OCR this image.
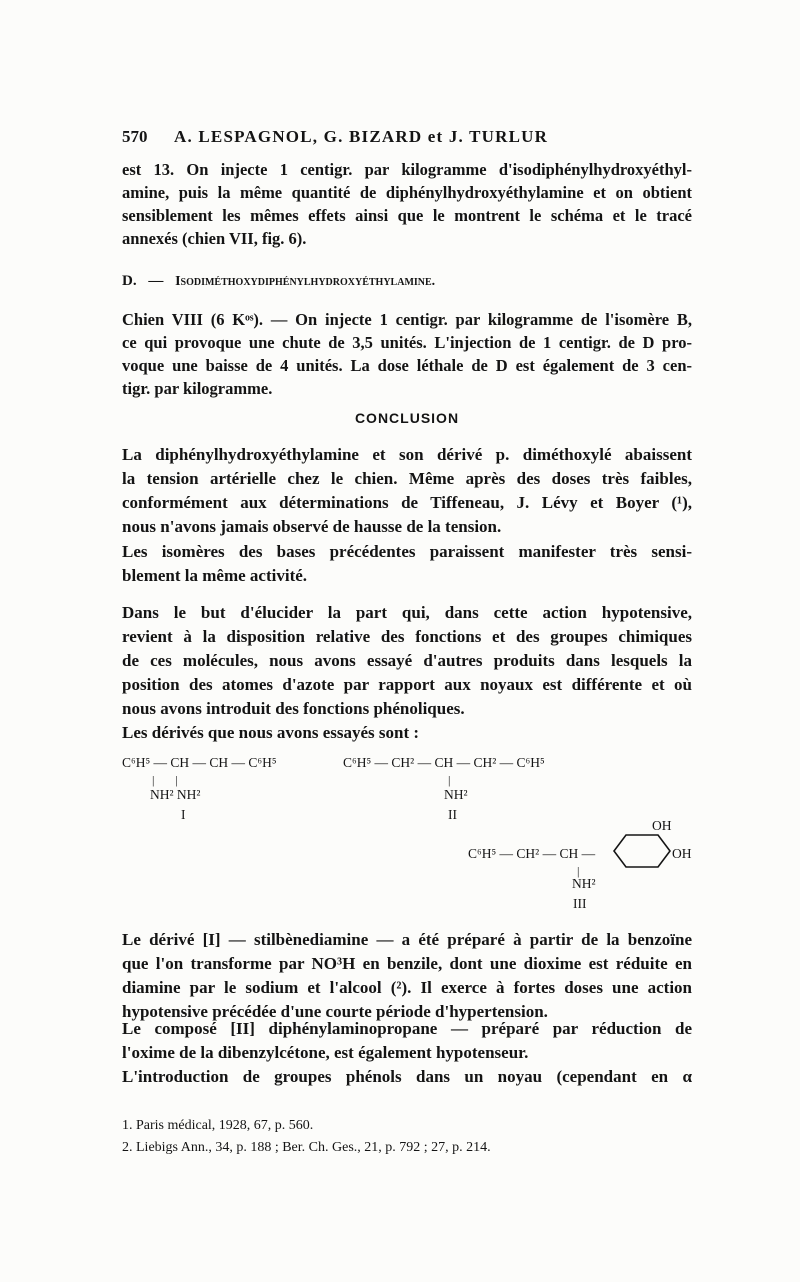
570 A. LESPAGNOL, G. BIZARD et J. TURLUR
est 13. On injecte 1 centigr. par kilogramme d'isodiphénylhydroxyéthyl-
amine, puis la même quantité de diphénylhydroxyéthylamine et on obtient
sensiblement les mêmes effets ainsi que le montrent le schéma et le tracé
annexés (chien VII, fig. 6).
D. — Isodiméthoxydiphénylhydroxyéthylamine.
Chien VIII (6 Kᵒˢ). — On injecte 1 centigr. par kilogramme de l'isomère B,
ce qui provoque une chute de 3,5 unités. L'injection de 1 centigr. de D pro-
voque une baisse de 4 unités. La dose léthale de D est également de 3 cen-
tigr. par kilogramme.
CONCLUSION
La diphénylhydroxyéthylamine et son dérivé p. diméthoxylé abaissent
la tension artérielle chez le chien. Même après des doses très faibles,
conformément aux déterminations de Tiffeneau, J. Lévy et Boyer (¹),
nous n'avons jamais observé de hausse de la tension.
Les isomères des bases précédentes paraissent manifester très sensi-
blement la même activité.
Dans le but d'élucider la part qui, dans cette action hypotensive,
revient à la disposition relative des fonctions et des groupes chimiques
de ces molécules, nous avons essayé d'autres produits dans lesquels la
position des atomes d'azote par rapport aux noyaux est différente et où
nous avons introduit des fonctions phénoliques.
Les dérivés que nous avons essayés sont :
C⁶H⁵ — CH — CH — C⁶H⁵
|       |
NH² NH²
I
C⁶H⁵ — CH² — CH — CH² — C⁶H⁵
|
NH²
II
OH
C⁶H⁵ — CH² — CH —	OH
|
NH²
III
Le dérivé [I] — stilbènediamine — a été préparé à partir de la benzoïne
que l'on transforme par NO³H en benzile, dont une dioxime est réduite en
diamine par le sodium et l'alcool (²). Il exerce à fortes doses une action
hypotensive précédée d'une courte période d'hypertension.
Le composé [II] diphénylaminopropane — préparé par réduction de
l'oxime de la dibenzylcétone, est également hypotenseur.
L'introduction de groupes phénols dans un noyau (cependant en α
1. Paris médical, 1928, 67, p. 560.
2. Liebigs Ann., 34, p. 188 ; Ber. Ch. Ges., 21, p. 792 ; 27, p. 214.
